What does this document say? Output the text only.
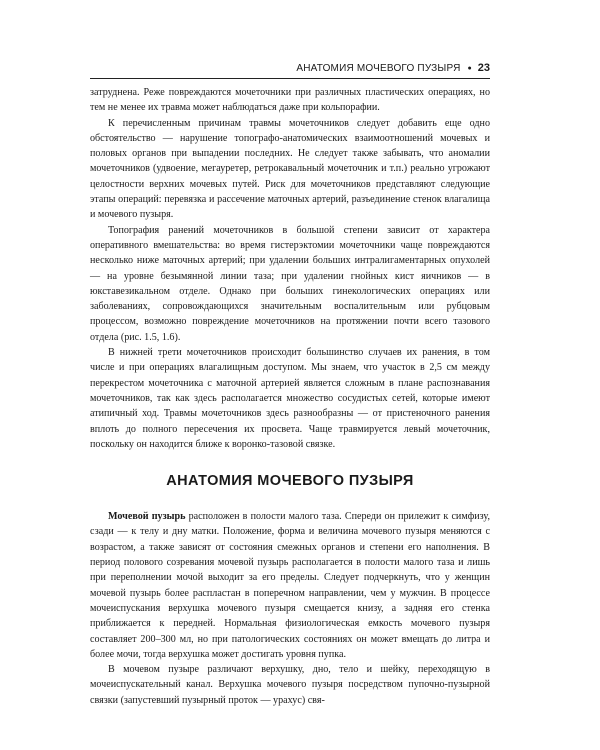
АНАТОМИЯ МОЧЕВОГО ПУЗЫРЯ ● 23

затруднена. Реже повреждаются мочеточники при различных пластических операциях, но тем не менее их травма может наблюдаться даже при кольпорафии.

К перечисленным причинам травмы мочеточников следует добавить еще одно обстоятельство — нарушение топографо-анатомических взаимоотношений мочевых и половых органов при выпадении последних. Не следует также забывать, что аномалии мочеточников (удвоение, мегауретер, ретрокавальный мочеточник и т.п.) реально угрожают целостности верхних мочевых путей. Риск для мочеточников представляют следующие этапы операций: перевязка и рассечение маточных артерий, разъединение стенок влагалища и мочевого пузыря.

Топография ранений мочеточников в большой степени зависит от характера оперативного вмешательства: во время гистерэктомии мочеточники чаще повреждаются несколько ниже маточных артерий; при удалении больших интралигаментарных опухолей — на уровне безымянной линии таза; при удалении гнойных кист яичников — в юкставезикальном отделе. Однако при больших гинекологических операциях или заболеваниях, сопровождающихся значительным воспалительным или рубцовым процессом, возможно повреждение мочеточников на протяжении почти всего тазового отдела (рис. 1.5, 1.6).

В нижней трети мочеточников происходит большинство случаев их ранения, в том числе и при операциях влагалищным доступом. Мы знаем, что участок в 2,5 см между перекрестом мочеточника с маточной артерией является сложным в плане распознавания мочеточников, так как здесь располагается множество сосудистых сетей, которые имеют атипичный ход. Травмы мочеточников здесь разнообразны — от пристеночного ранения вплоть до полного пересечения их просвета. Чаще травмируется левый мочеточник, поскольку он находится ближе к воронко-тазовой связке.

АНАТОМИЯ МОЧЕВОГО ПУЗЫРЯ

Мочевой пузырь расположен в полости малого таза. Спереди он прилежит к симфизу, сзади — к телу и дну матки. Положение, форма и величина мочевого пузыря меняются с возрастом, а также зависят от состояния смежных органов и степени его наполнения. В период полового созревания мочевой пузырь располагается в полости малого таза и лишь при переполнении мочой выходит за его пределы. Следует подчеркнуть, что у женщин мочевой пузырь более распластан в поперечном направлении, чем у мужчин. В процессе мочеиспускания верхушка мочевого пузыря смещается книзу, а задняя его стенка приближается к передней. Нормальная физиологическая емкость мочевого пузыря составляет 200–300 мл, но при патологических состояниях он может вмещать до литра и более мочи, тогда верхушка может достигать уровня пупка.

В мочевом пузыре различают верхушку, дно, тело и шейку, переходящую в мочеиспускательный канал. Верхушка мочевого пузыря посредством пупочно-пузырной связки (запустевший пузырный проток — урахус) свя-
